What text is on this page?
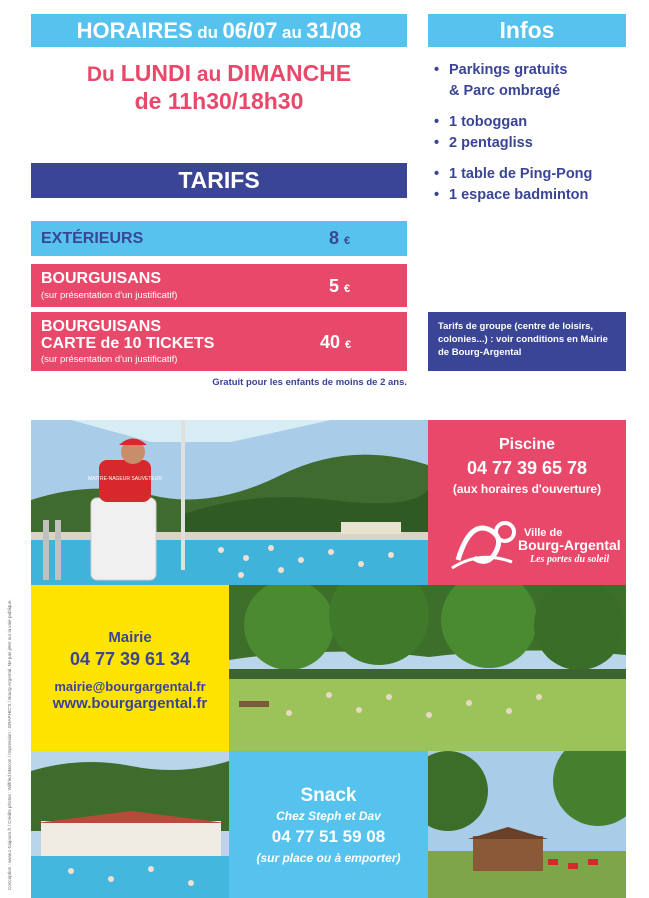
HORAIRES du 06/07 au 31/08
Du LUNDI au DIMANCHE
de 11h30/18h30
Infos
• Parkings gratuits
& Parc ombragé
• 1 toboggan
• 2 pentagliss
• 1 table de Ping-Pong
• 1 espace badminton
Tarifs de groupe (centre de loisirs, colonies...) : voir conditions en Mairie de Bourg-Argental
TARIFS
EXTÉRIEURS	8 €
BOURGUISANS
(sur présentation d'un justificatif)	5 €
BOURGUISANS
CARTE de 10 TICKETS
(sur présentation d'un justificatif)
40 €
Gratuit pour les enfants de moins de 2 ans.
MAITRE-NAGEUR SAUVETEUR
Piscine
04 77 39 65 78
(aux horaires d'ouverture)
Ville de
Bourg-Argental
Les portes du soleil
Mairie
04 77 39 61 34
mairie@bourgargental.fr
www.bourgargental.fr
Snack
Chez Steph et Dav
04 77 51 59 08
(sur place ou à emporter)
Conception : www.c-toujours.fr / Crédits photos : Wilfried Marcon / Impression : GRAPHIC'S / Bourg-Argental. Ne pas jeter sur la voie publique.
